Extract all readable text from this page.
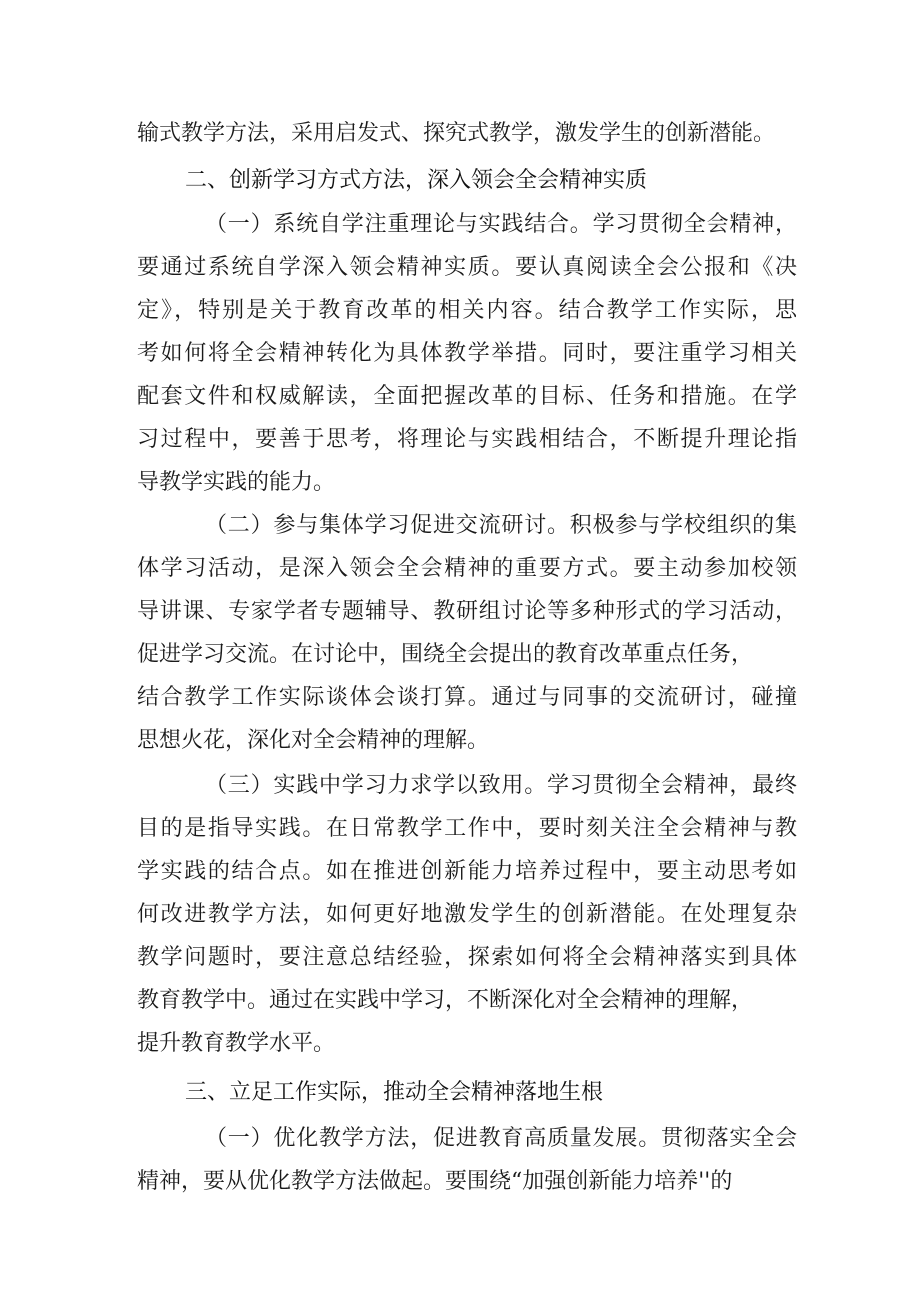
输式教学方法，采用启发式、探究式教学，激发学生的创新潜能。
二、创新学习方式方法，深入领会全会精神实质
（一）系统自学注重理论与实践结合。学习贯彻全会精神，
要通过系统自学深入领会精神实质。要认真阅读全会公报和《决
定》，特别是关于教育改革的相关内容。结合教学工作实际，思
考如何将全会精神转化为具体教学举措。同时，要注重学习相关
配套文件和权威解读，全面把握改革的目标、任务和措施。在学
习过程中，要善于思考，将理论与实践相结合，不断提升理论指
导教学实践的能力。
（二）参与集体学习促进交流研讨。积极参与学校组织的集
体学习活动，是深入领会全会精神的重要方式。要主动参加校领
导讲课、专家学者专题辅导、教研组讨论等多种形式的学习活动，
促进学习交流。在讨论中，围绕全会提出的教育改革重点任务，
结合教学工作实际谈体会谈打算。通过与同事的交流研讨，碰撞
思想火花，深化对全会精神的理解。
（三）实践中学习力求学以致用。学习贯彻全会精神，最终
目的是指导实践。在日常教学工作中，要时刻关注全会精神与教
学实践的结合点。如在推进创新能力培养过程中，要主动思考如
何改进教学方法，如何更好地激发学生的创新潜能。在处理复杂
教学问题时，要注意总结经验，探索如何将全会精神落实到具体
教育教学中。通过在实践中学习，不断深化对全会精神的理解，
提升教育教学水平。
三、立足工作实际，推动全会精神落地生根
（一）优化教学方法，促进教育高质量发展。贯彻落实全会
精神，要从优化教学方法做起。要围绕“加强创新能力培养''的
